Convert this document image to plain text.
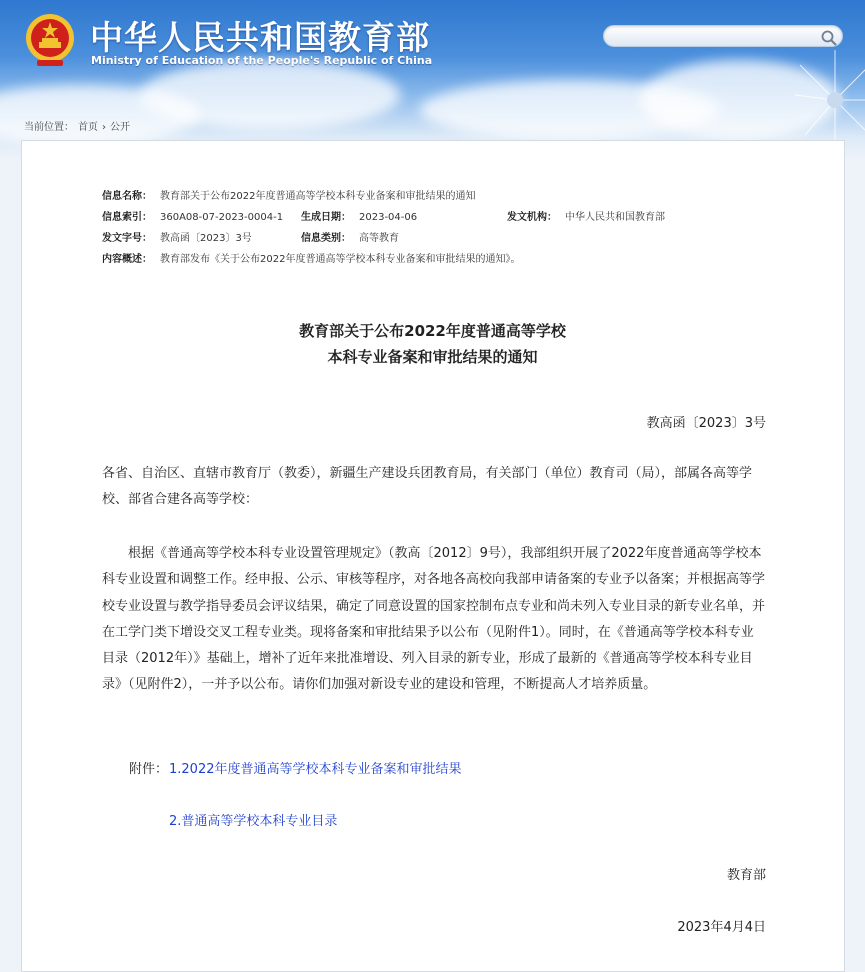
中华人民共和国教育部
Ministry of Education of the People's Republic of China
当前位置： 首页 › 公开
信息名称： 教育部关于公布2022年度普通高等学校本科专业备案和审批结果的通知
信息索引： 360A08-07-2023-0004-1 生成日期： 2023-04-06	发文机构： 中华人民共和国教育部
发文字号： 教高函〔2023〕3号	信息类别： 高等教育
内容概述： 教育部发布《关于公布2022年度普通高等学校本科专业备案和审批结果的通知》。
教育部关于公布2022年度普通高等学校
本科专业备案和审批结果的通知
教高函〔2023〕3号
各省、自治区、直辖市教育厅（教委），新疆生产建设兵团教育局，有关部门（单位）教育司（局），部属各高等学校、部省合建各高等学校：
根据《普通高等学校本科专业设置管理规定》（教高〔2012〕9号），我部组织开展了2022年度普通高等学校本科专业设置和调整工作。经申报、公示、审核等程序，对各地各高校向我部申请备案的专业予以备案；并根据高等学校专业设置与教学指导委员会评议结果，确定了同意设置的国家控制布点专业和尚未列入专业目录的新专业名单，并在工学门类下增设交叉工程专业类。现将备案和审批结果予以公布（见附件1）。同时，在《普通高等学校本科专业目录（2012年）》基础上，增补了近年来批准增设、列入目录的新专业，形成了最新的《普通高等学校本科专业目录》（见附件2），一并予以公布。请你们加强对新设专业的建设和管理，不断提高人才培养质量。
附件： 1.2022年度普通高等学校本科专业备案和审批结果
2.普通高等学校本科专业目录
教育部
2023年4月4日
